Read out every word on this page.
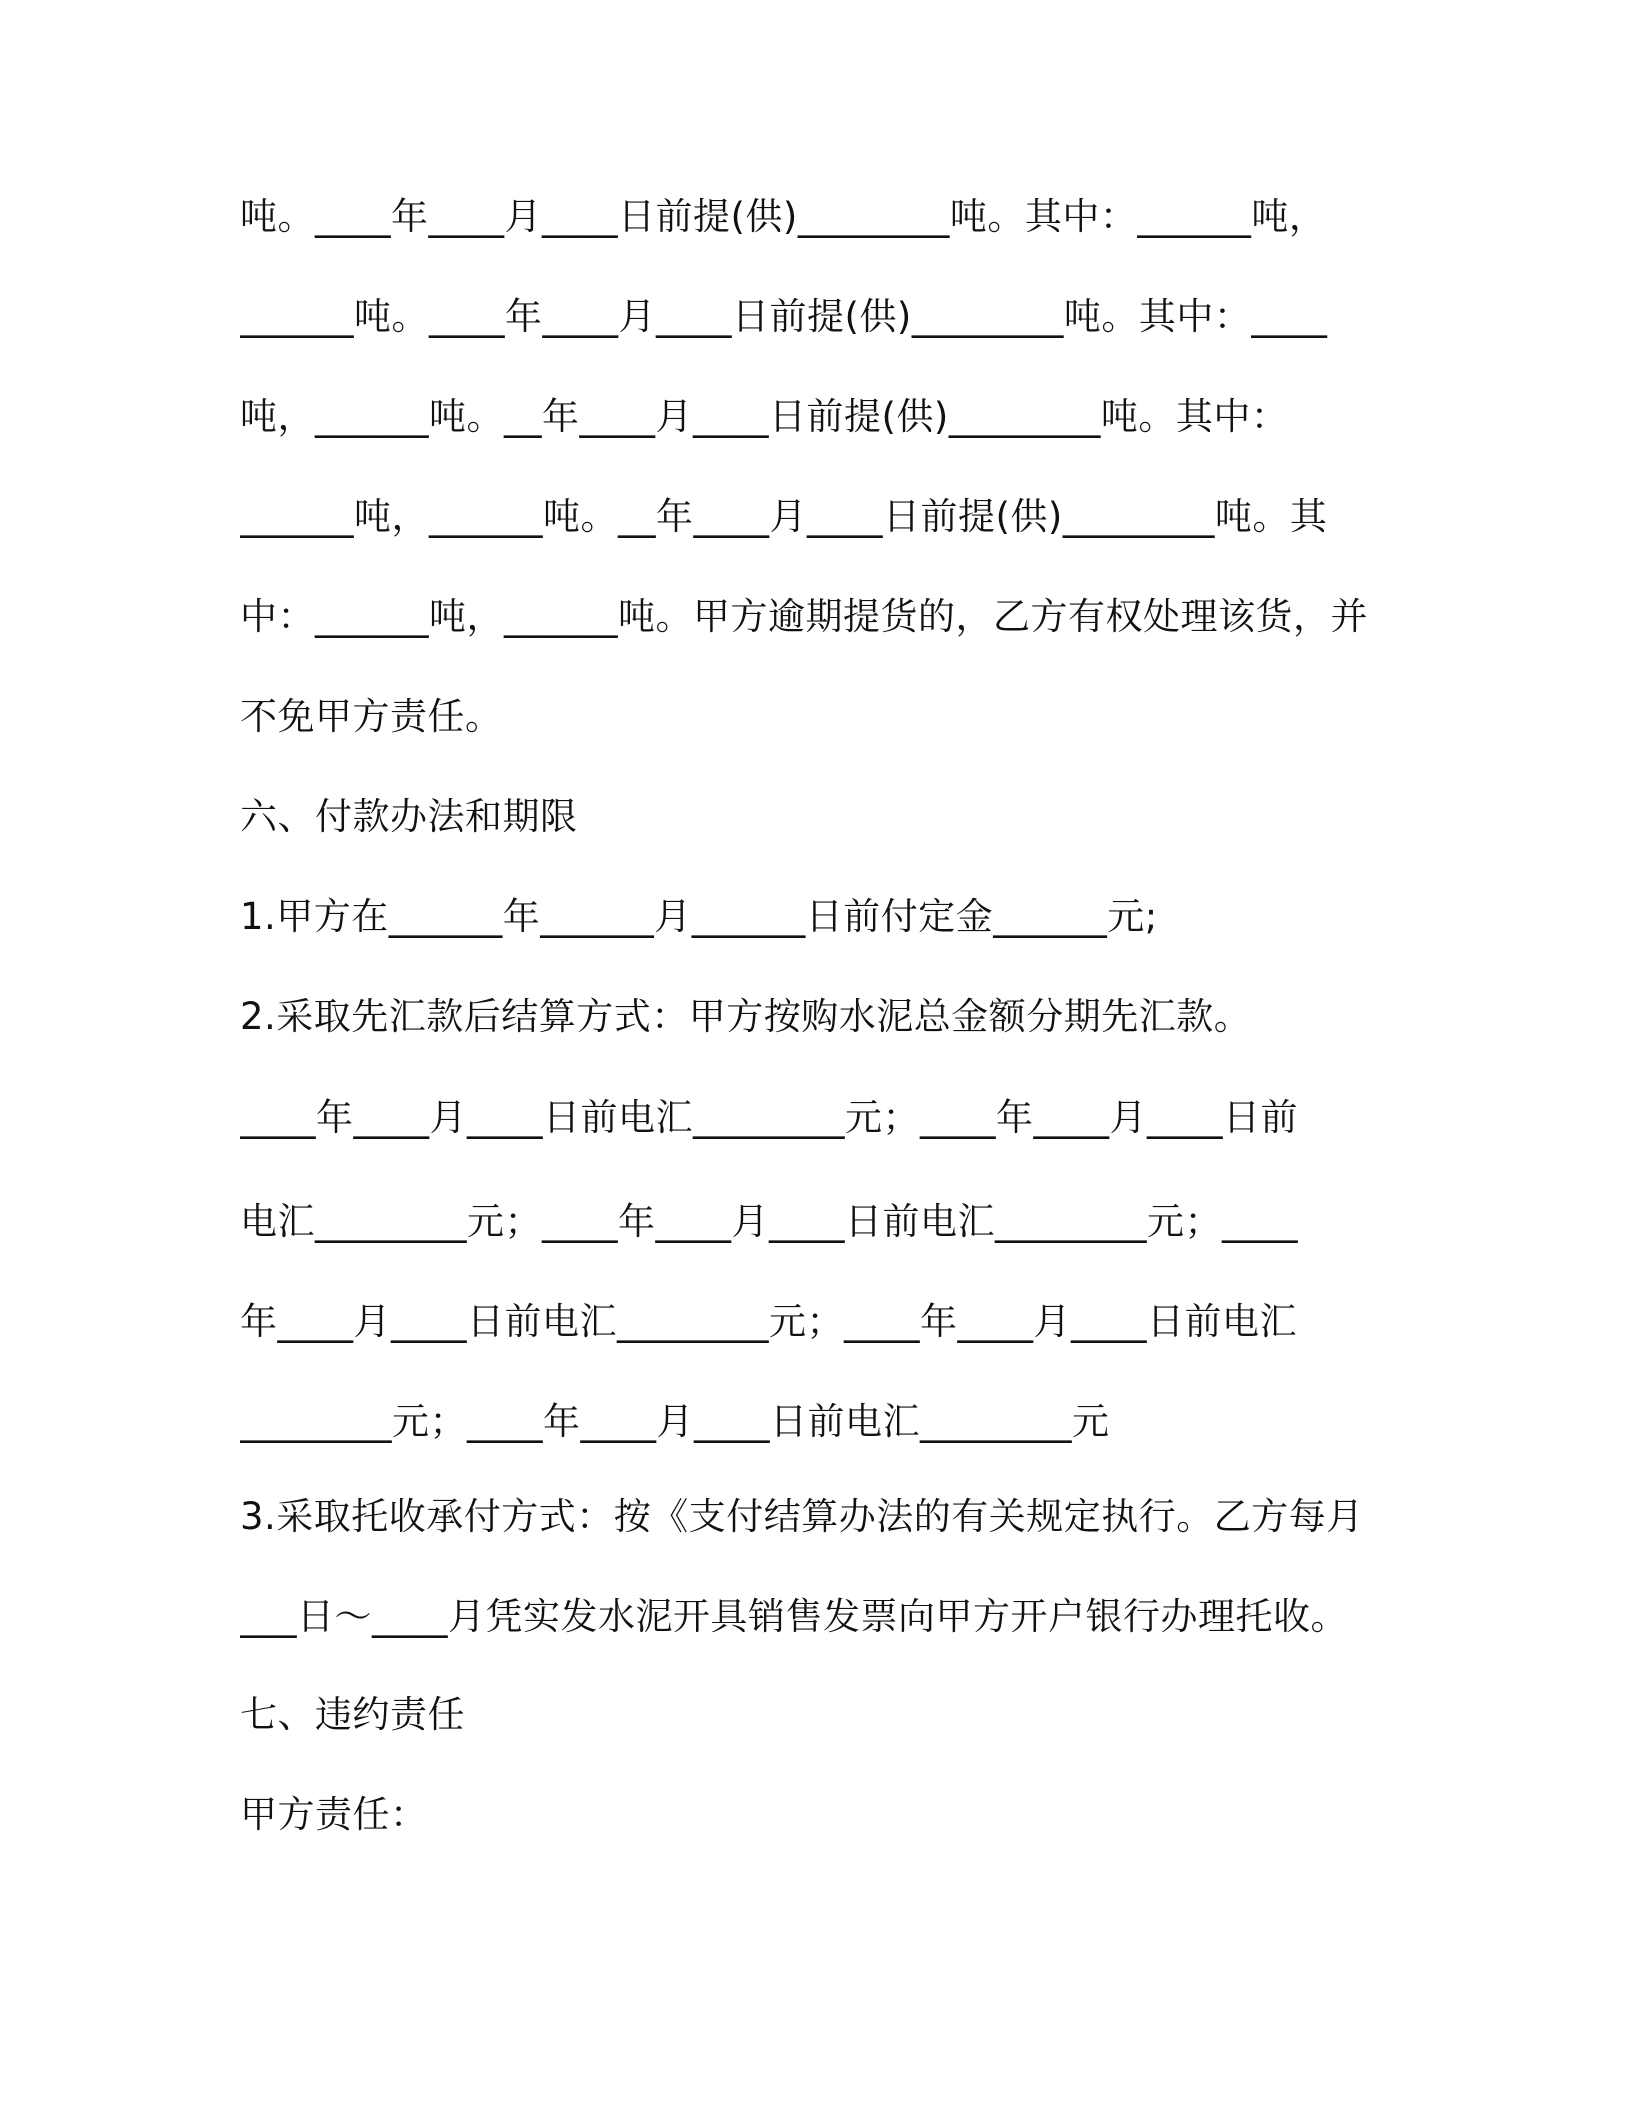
吨。____年____月____日前提(供)________吨。其中：______吨，
______吨。____年____月____日前提(供)________吨。其中：____
吨，______吨。__年____月____日前提(供)________吨。其中：
______吨，______吨。__年____月____日前提(供)________吨。其
中：______吨，______吨。甲方逾期提货的，乙方有权处理该货，并
不免甲方责任。
六、付款办法和期限
1.甲方在______年______月______日前付定金______元;
2.采取先汇款后结算方式：甲方按购水泥总金额分期先汇款。
____年____月____日前电汇________元；____年____月____日前
电汇________元；____年____月____日前电汇________元；____
年____月____日前电汇________元；____年____月____日前电汇
________元；____年____月____日前电汇________元
3.采取托收承付方式：按《支付结算办法的有关规定执行。乙方每月
___日～____月凭实发水泥开具销售发票向甲方开户银行办理托收。
七、违约责任
甲方责任：
